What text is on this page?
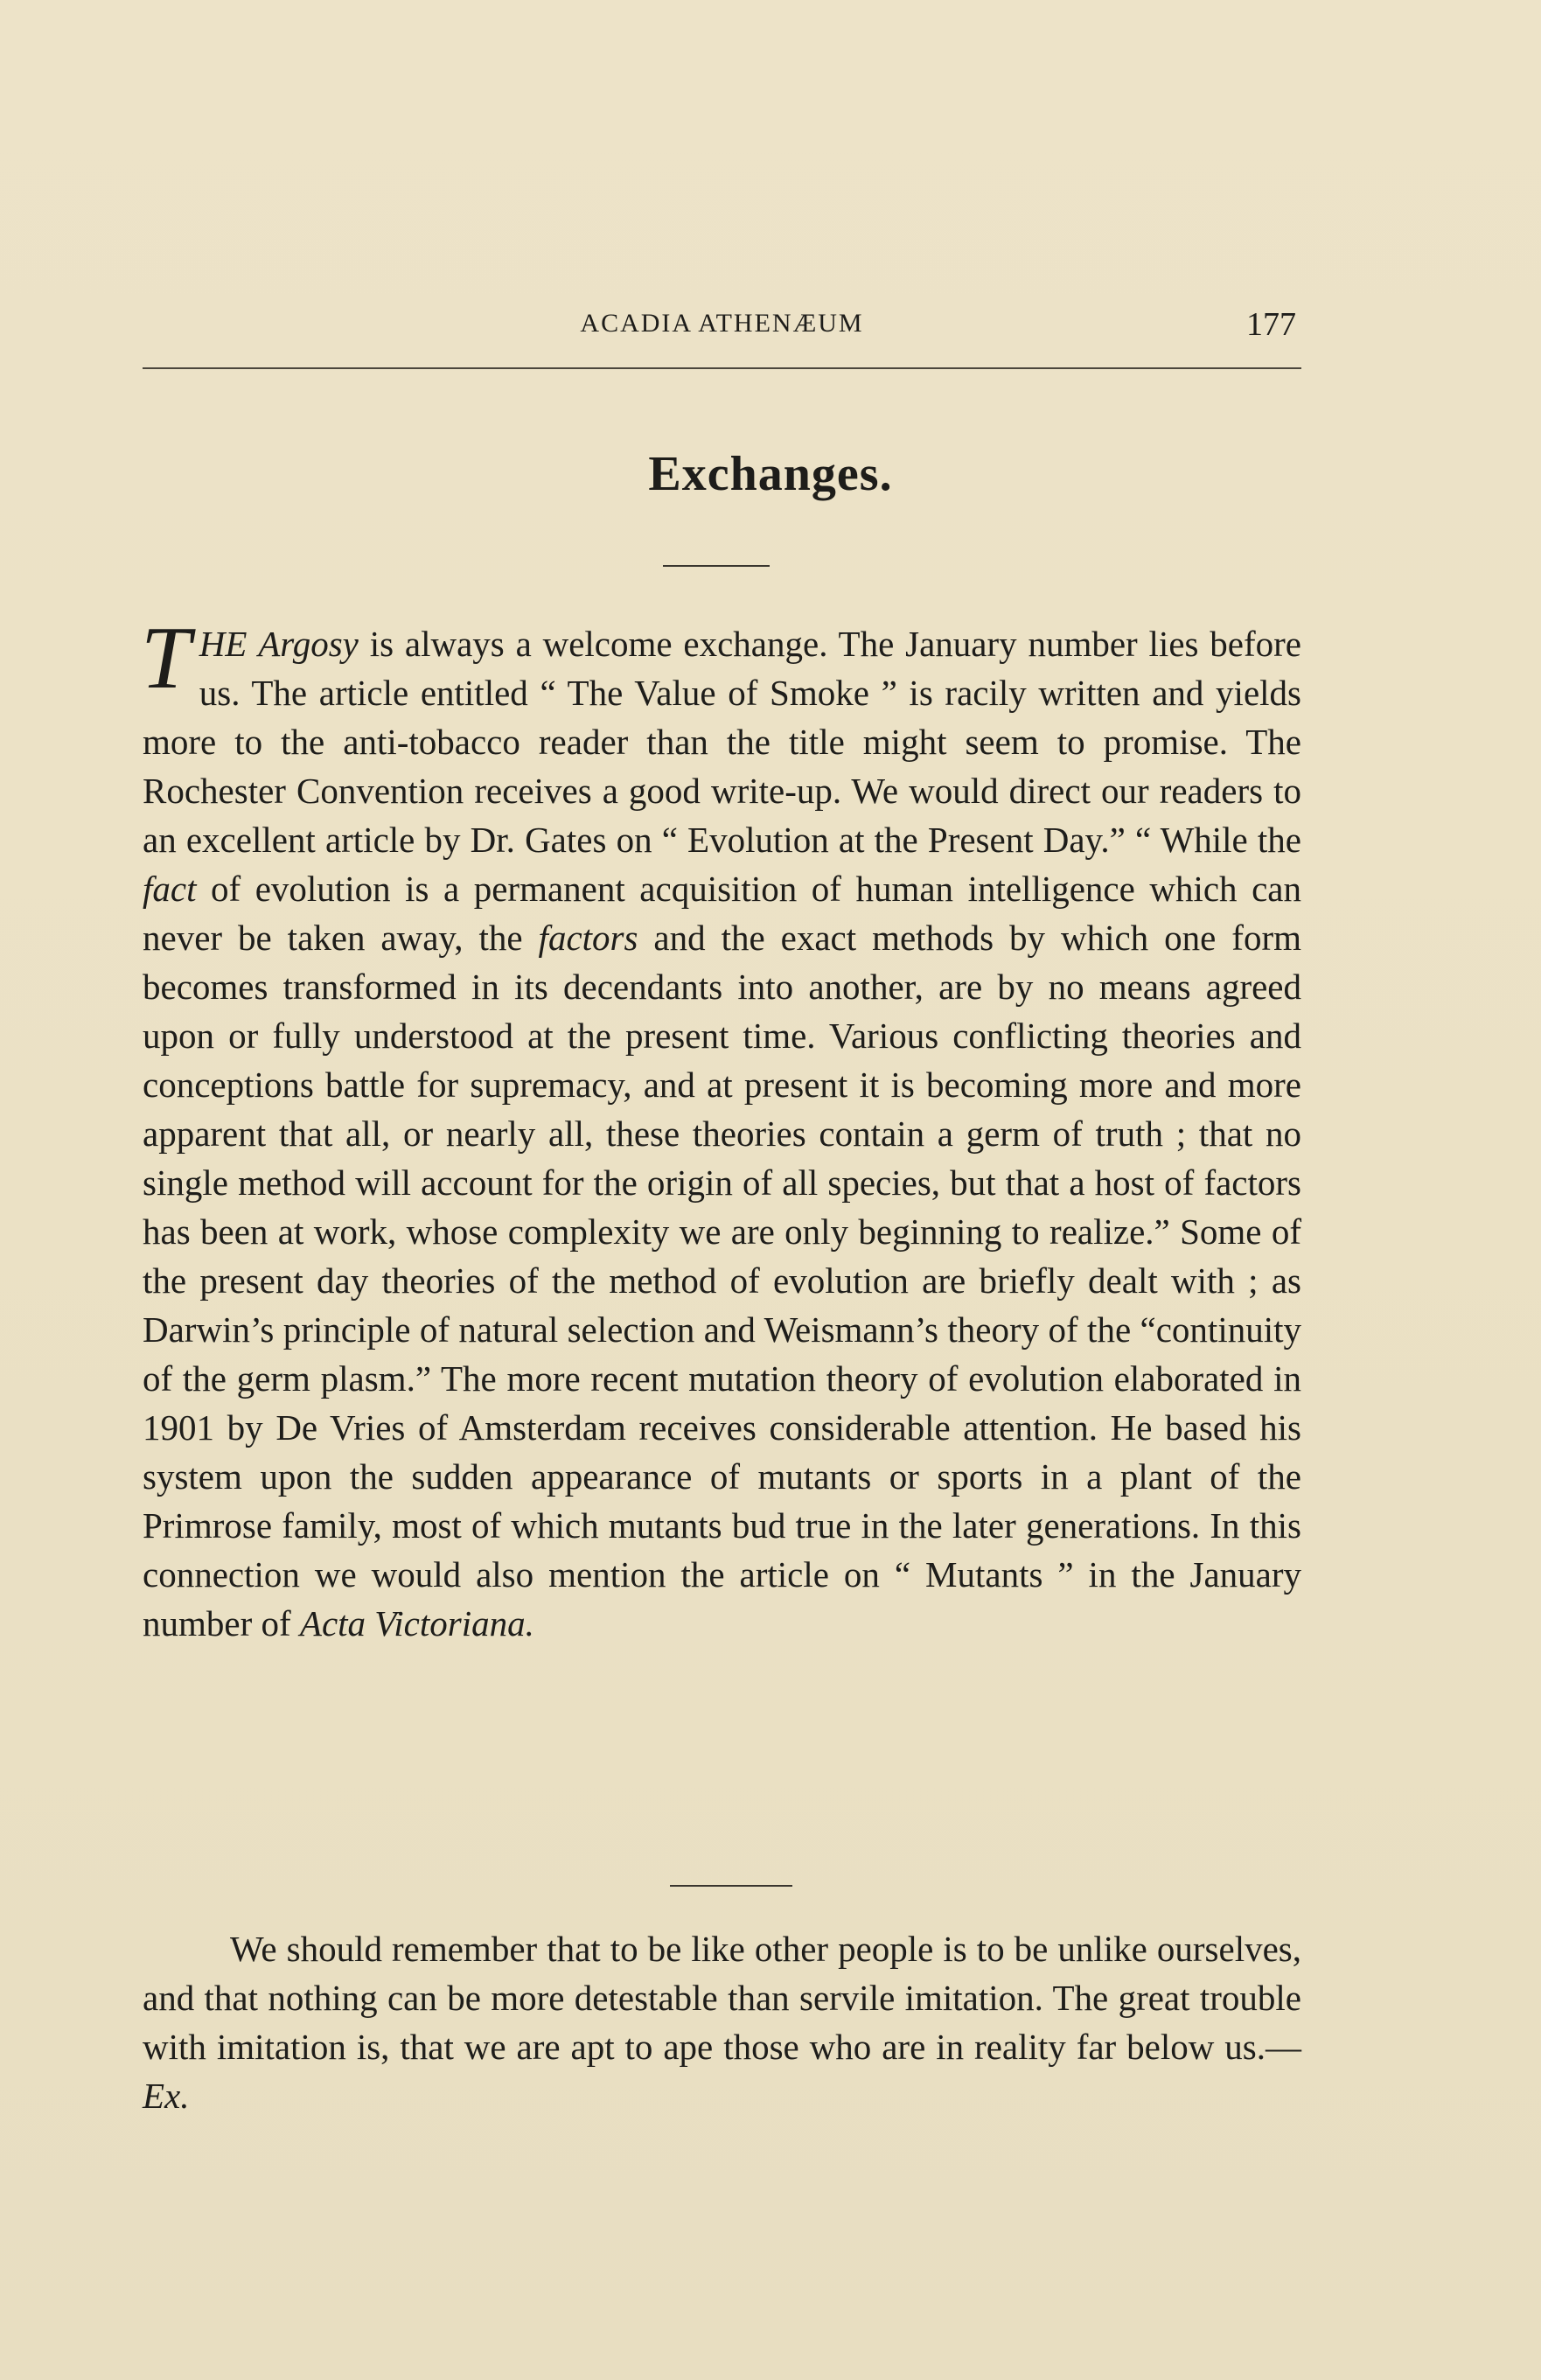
ACADIA ATHENÆUM	177
Exchanges.
THE Argosy is always a welcome exchange. The January number lies before us. The article entitled “ The Value of Smoke ” is racily written and yields more to the anti-tobacco reader than the title might seem to promise. The Rochester Convention receives a good write-up. We would direct our readers to an excellent article by Dr. Gates on “ Evolution at the Present Day.” “ While the fact of evolution is a permanent acquisition of human intelligence which can never be taken away, the factors and the exact methods by which one form becomes transformed in its decendants into another, are by no means agreed upon or fully understood at the present time. Various conflicting theories and conceptions battle for supremacy, and at present it is becoming more and more apparent that all, or nearly all, these theories contain a germ of truth ; that no single method will account for the origin of all species, but that a host of factors has been at work, whose complexity we are only beginning to realize.” Some of the present day theories of the method of evolution are briefly dealt with ; as Darwin’s principle of natural selection and Weismann’s theory of the “continuity of the germ plasm.” The more recent mutation theory of evolution elaborated in 1901 by De Vries of Amsterdam receives considerable attention. He based his system upon the sudden appearance of mutants or sports in a plant of the Primrose family, most of which mutants bud true in the later generations. In this connection we would also mention the article on “ Mutants ” in the January number of Acta Victoriana.
We should remember that to be like other people is to be unlike ourselves, and that nothing can be more detestable than servile imitation. The great trouble with imitation is, that we are apt to ape those who are in reality far below us.—Ex.
